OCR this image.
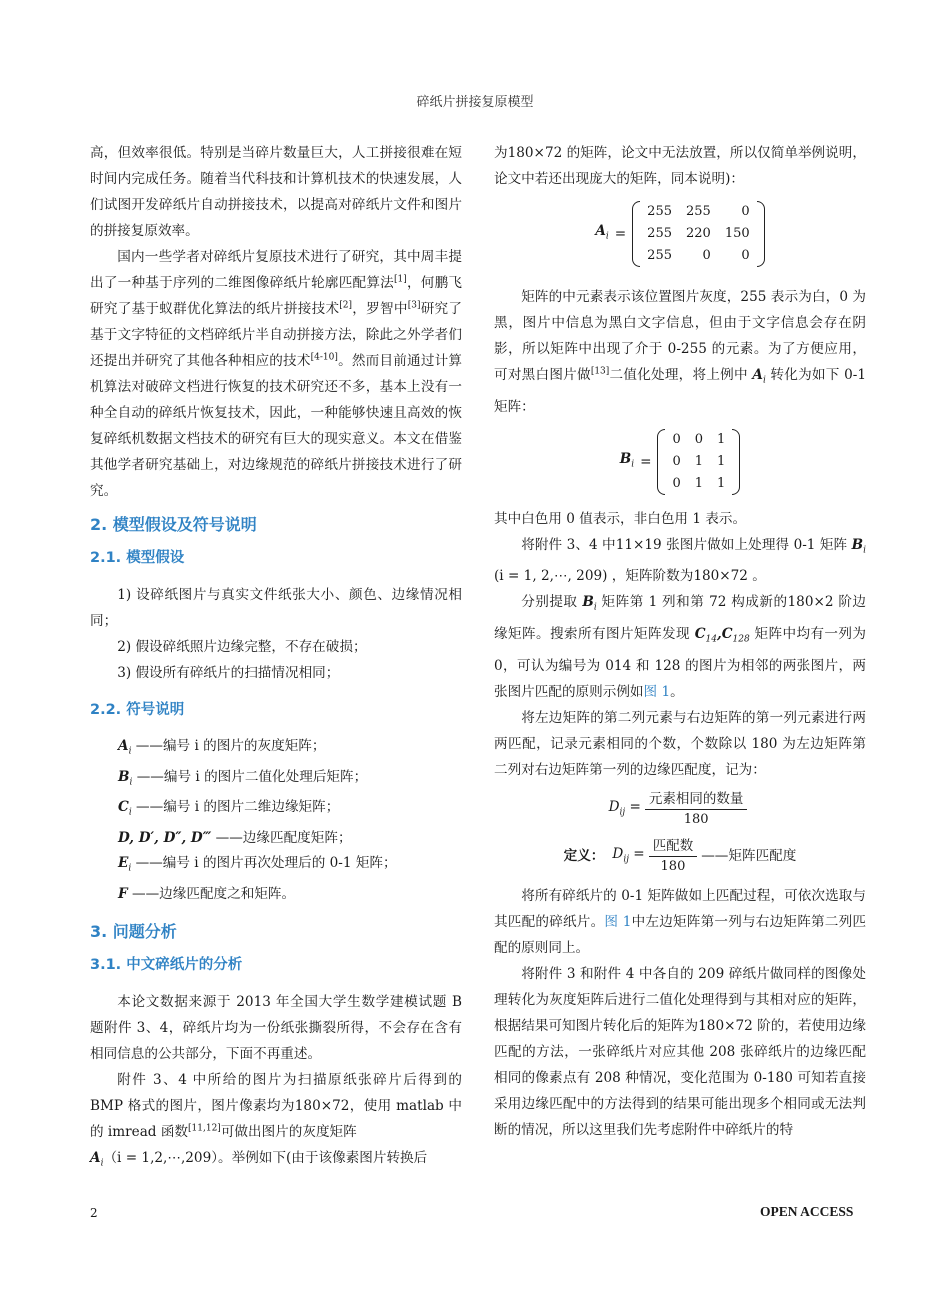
碎纸片拼接复原模型

高，但效率很低。特别是当碎片数量巨大，人工拼接很难在短时间内完成任务。随着当代科技和计算机技术的快速发展，人们试图开发碎纸片自动拼接技术，以提高对碎纸片文件和图片的拼接复原效率。

国内一些学者对碎纸片复原技术进行了研究，其中周丰提出了一种基于序列的二维图像碎纸片轮廓匹配算法[1]，何鹏飞研究了基于蚁群优化算法的纸片拼接技术[2]，罗智中[3]研究了基于文字特征的文档碎纸片半自动拼接方法，除此之外学者们还提出并研究了其他各种相应的技术[4-10]。然而目前通过计算机算法对破碎文档进行恢复的技术研究还不多，基本上没有一种全自动的碎纸片恢复技术，因此，一种能够快速且高效的恢复碎纸机数据文档技术的研究有巨大的现实意义。本文在借鉴其他学者研究基础上，对边缘规范的碎纸片拼接技术进行了研究。

2. 模型假设及符号说明
2.1. 模型假设

1) 设碎纸图片与真实文件纸张大小、颜色、边缘情况相同；

2) 假设碎纸照片边缘完整，不存在破损；

3) 假设所有碎纸片的扫描情况相同；

2.2. 符号说明

$A_i$ ——编号 i 的图片的灰度矩阵；

$B_i$ ——编号 i 的图片二值化处理后矩阵；

$C_i$ ——编号 i 的图片二维边缘矩阵；

D, D′, D″, D‴ ——边缘匹配度矩阵；

$E_i$ ——编号 i 的图片再次处理后的 0-1 矩阵；

F ——边缘匹配度之和矩阵。

3. 问题分析
3.1. 中文碎纸片的分析

本论文数据来源于 2013 年全国大学生数学建模试题 B 题附件 3、4，碎纸片均为一份纸张撕裂所得，不会存在含有相同信息的公共部分，下面不再重述。

附件 3、4 中所给的图片为扫描原纸张碎片后得到的 BMP 格式的图片，图片像素均为180×72，使用 matlab 中的 imread 函数[11,12]可做出图片的灰度矩阵
$A_i(i$ = 1,2,⋯,209）。举例如下(由于该像素图片转换后

为180×72 的矩阵，论文中无法放置，所以仅简单举例说明，论文中若还出现庞大的矩阵，同本说明)：

$A_i$ =
255	255	0
255	220	150
255	0	0

矩阵的中元素表示该位置图片灰度，255 表示为白，0 为黑，图片中信息为黑白文字信息，但由于文字信息会存在阴影，所以矩阵中出现了介于 0-255 的元素。为了方便应用，可对黑白图片做[13]二值化处理，将上例中 $A_i$ 转化为如下 0-1 矩阵：

$B_i$ =
0	0	1
0	1	1
0	1	1

其中白色用 0 值表示，非白色用 1 表示。

将附件 3、4 中11×19 张图片做如上处理得 0-1 矩阵 $B_i$ (i = 1, 2,⋯, 209) ，矩阵阶数为180×72 。

分别提取 $B_i$ 矩阵第 1 列和第 72 构成新的180×2 阶边缘矩阵。搜索所有图片矩阵发现 $C_{14},C_{128}$ 矩阵中均有一列为 0，可认为编号为 014 和 128 的图片为相邻的两张图片，两张图片匹配的原则示例如图 1。

将左边矩阵的第二列元素与右边矩阵的第一列元素进行两两匹配，记录元素相同的个数，个数除以 180 为左边矩阵第二列对右边矩阵第一列的边缘匹配度，记为：

$D_{ij} = \frac{\text{元素相同的数量}}{180}$
定义： $D_{ij} = \frac{\text{匹配数}}{180}$ ——矩阵匹配度

将所有碎纸片的 0-1 矩阵做如上匹配过程，可依次选取与其匹配的碎纸片。图 1中左边矩阵第一列与右边矩阵第二列匹配的原则同上。

将附件 3 和附件 4 中各自的 209 碎纸片做同样的图像处理转化为灰度矩阵后进行二值化处理得到与其相对应的矩阵，根据结果可知图片转化后的矩阵为180×72 阶的，若使用边缘匹配的方法，一张碎纸片对应其他 208 张碎纸片的边缘匹配相同的像素点有 208 种情况，变化范围为 0-180 可知若直接采用边缘匹配中的方法得到的结果可能出现多个相同或无法判断的情况，所以这里我们先考虑附件中碎纸片的特

2	OPEN ACCESS
